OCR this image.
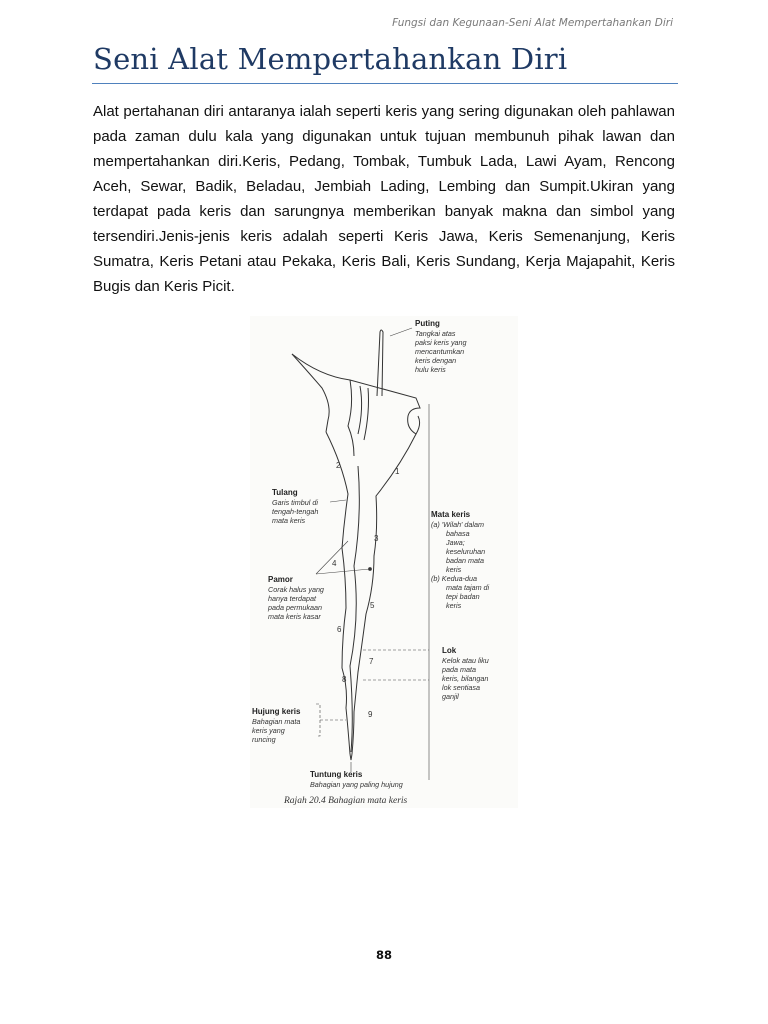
Fungsi dan Kegunaan-Seni Alat Mempertahankan Diri
Seni Alat Mempertahankan Diri

Alat pertahanan diri antaranya ialah seperti keris yang sering digunakan oleh pahlawan pada zaman dulu kala yang digunakan untuk tujuan membunuh pihak lawan dan mempertahankan diri.Keris, Pedang, Tombak, Tumbuk Lada, Lawi Ayam, Rencong Aceh, Sewar, Badik, Beladau, Jembiah Lading, Lembing dan Sumpit.Ukiran yang terdapat pada keris dan sarungnya memberikan banyak makna dan simbol yang tersendiri.Jenis-jenis keris adalah seperti Keris Jawa, Keris Semenanjung, Keris Sumatra, Keris Petani atau Pekaka, Keris Bali, Keris Sundang, Kerja Majapahit, Keris Bugis dan Keris Picit.

1
2
3
4
5
6
7
8
9
Puting
Tangkai atas
paksi keris yang
mencantumkan
keris dengan
hulu keris
Tulang
Garis timbul di
tengah-tengah
mata keris
Mata keris
(a) 'Wilah' dalam
bahasa
Jawa;
keseluruhan
badan mata
keris
(b) Kedua-dua
mata tajam di
tepi badan
keris
Pamor
Corak halus yang
hanya terdapat
pada permukaan
mata keris kasar
Lok
Kelok atau liku
pada mata
keris, bilangan
lok sentiasa
ganjil
Hujung keris
Bahagian mata
keris yang
runcing
Tuntung keris
Bahagian yang paling hujung
Rajah 20.4 Bahagian mata keris
88
